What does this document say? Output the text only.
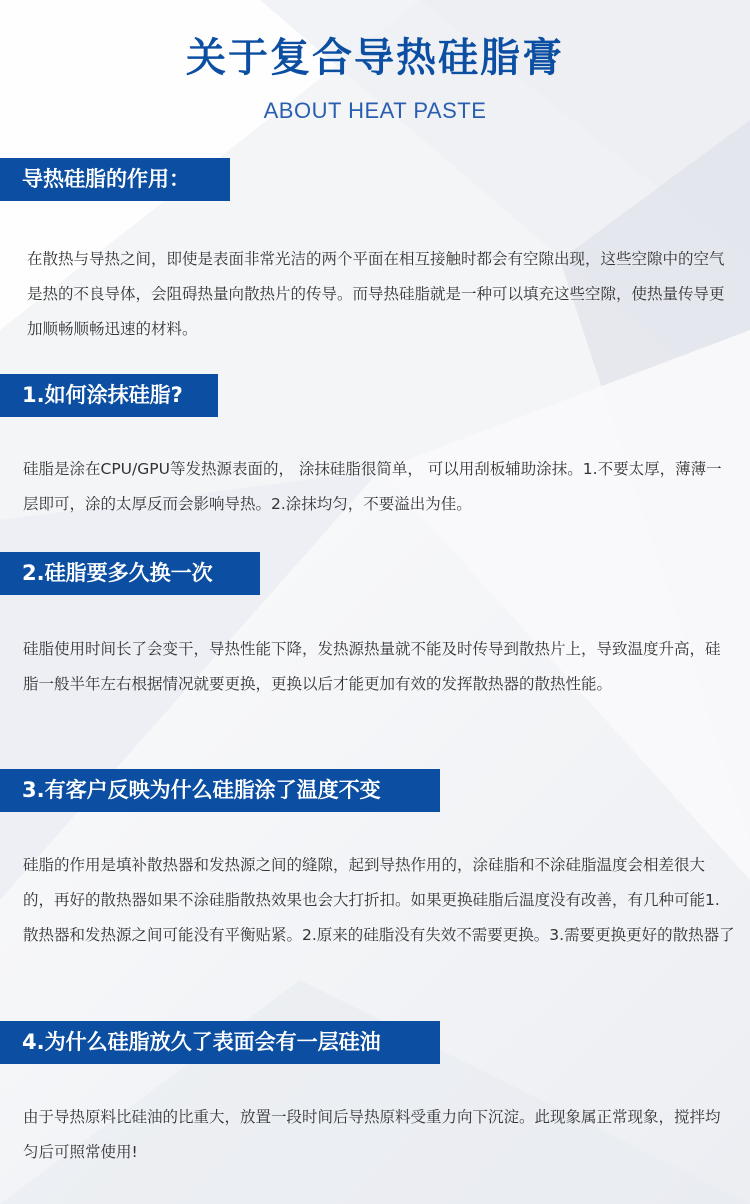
关于复合导热硅脂膏
ABOUT HEAT PASTE
导热硅脂的作用：

在散热与导热之间，即使是表面非常光洁的两个平面在相互接触时都会有空隙出现，这些空隙中的空气是热的不良导体，会阻碍热量向散热片的传导。而导热硅脂就是一种可以填充这些空隙，使热量传导更加顺畅顺畅迅速的材料。

1.如何涂抹硅脂?

硅脂是涂在CPU/GPU等发热源表面的， 涂抹硅脂很简单， 可以用刮板辅助涂抹。1.不要太厚，薄薄一层即可，涂的太厚反而会影响导热。2.涂抹均匀，不要溢出为佳。

2.硅脂要多久换一次

硅脂使用时间长了会变干，导热性能下降，发热源热量就不能及时传导到散热片上，导致温度升高，硅脂一般半年左右根据情况就要更换，更换以后才能更加有效的发挥散热器的散热性能。

3.有客户反映为什么硅脂涂了温度不变

硅脂的作用是填补散热器和发热源之间的缝隙，起到导热作用的，涂硅脂和不涂硅脂温度会相差很大的，再好的散热器如果不涂硅脂散热效果也会大打折扣。如果更换硅脂后温度没有改善，有几种可能1.散热器和发热源之间可能没有平衡贴紧。2.原来的硅脂没有失效不需要更换。3.需要更换更好的散热器了

4.为什么硅脂放久了表面会有一层硅油

由于导热原料比硅油的比重大，放置一段时间后导热原料受重力向下沉淀。此现象属正常现象，搅拌均匀后可照常使用!
